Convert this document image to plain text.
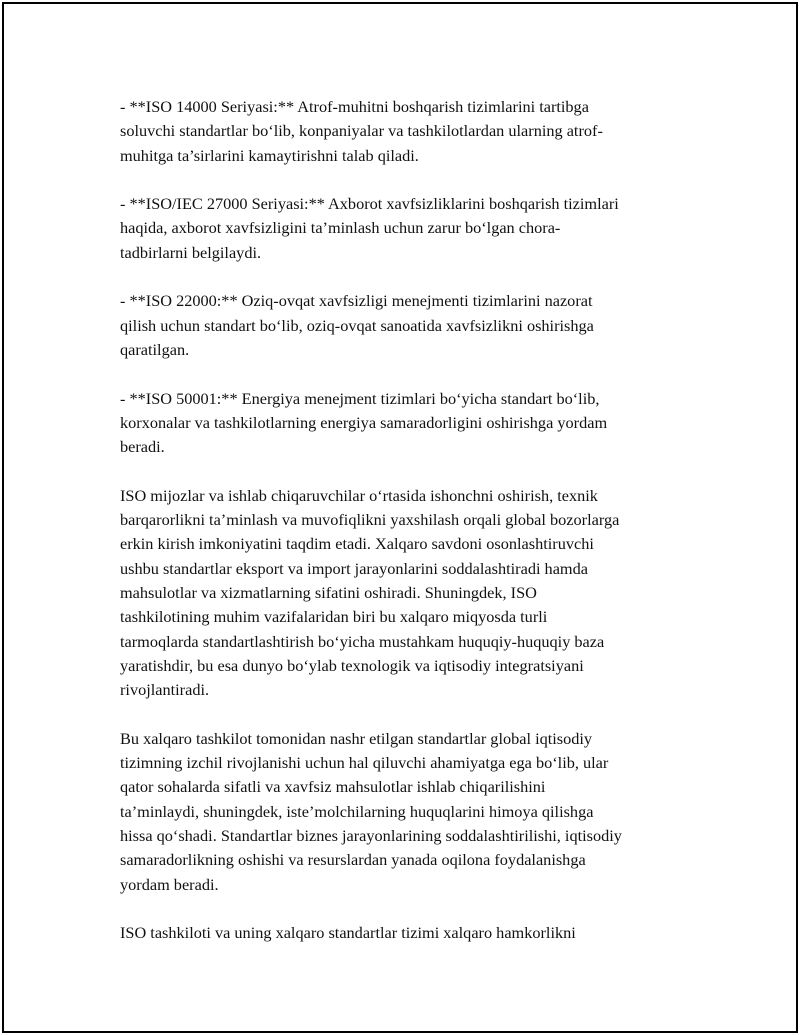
- **ISO 14000 Seriyasi:** Atrof-muhitni boshqarish tizimlarini tartibga
soluvchi standartlar bo‘lib, konpaniyalar va tashkilotlardan ularning atrof-
muhitga ta’sirlarini kamaytirishni talab qiladi.

- **ISO/IEC 27000 Seriyasi:** Axborot xavfsizliklarini boshqarish tizimlari
haqida, axborot xavfsizligini ta’minlash uchun zarur bo‘lgan chora-
tadbirlarni belgilaydi.

- **ISO 22000:** Oziq-ovqat xavfsizligi menejmenti tizimlarini nazorat
qilish uchun standart bo‘lib, oziq-ovqat sanoatida xavfsizlikni oshirishga
qaratilgan.

- **ISO 50001:** Energiya menejment tizimlari bo‘yicha standart bo‘lib,
korxonalar va tashkilotlarning energiya samaradorligini oshirishga yordam
beradi.

ISO mijozlar va ishlab chiqaruvchilar o‘rtasida ishonchni oshirish, texnik
barqarorlikni ta’minlash va muvofiqlikni yaxshilash orqali global bozorlarga
erkin kirish imkoniyatini taqdim etadi. Xalqaro savdoni osonlashtiruvchi
ushbu standartlar eksport va import jarayonlarini soddalashtiradi hamda
mahsulotlar va xizmatlarning sifatini oshiradi. Shuningdek, ISO
tashkilotining muhim vazifalaridan biri bu xalqaro miqyosda turli
tarmoqlarda standartlashtirish bo‘yicha mustahkam huquqiy-huquqiy baza
yaratishdir, bu esa dunyo bo‘ylab texnologik va iqtisodiy integratsiyani
rivojlantiradi.

Bu xalqaro tashkilot tomonidan nashr etilgan standartlar global iqtisodiy
tizimning izchil rivojlanishi uchun hal qiluvchi ahamiyatga ega bo‘lib, ular
qator sohalarda sifatli va xavfsiz mahsulotlar ishlab chiqarilishini
ta’minlaydi, shuningdek, iste’molchilarning huquqlarini himoya qilishga
hissa qo‘shadi. Standartlar biznes jarayonlarining soddalashtirilishi, iqtisodiy
samaradorlikning oshishi va resurslardan yanada oqilona foydalanishga
yordam beradi.

ISO tashkiloti va uning xalqaro standartlar tizimi xalqaro hamkorlikni
